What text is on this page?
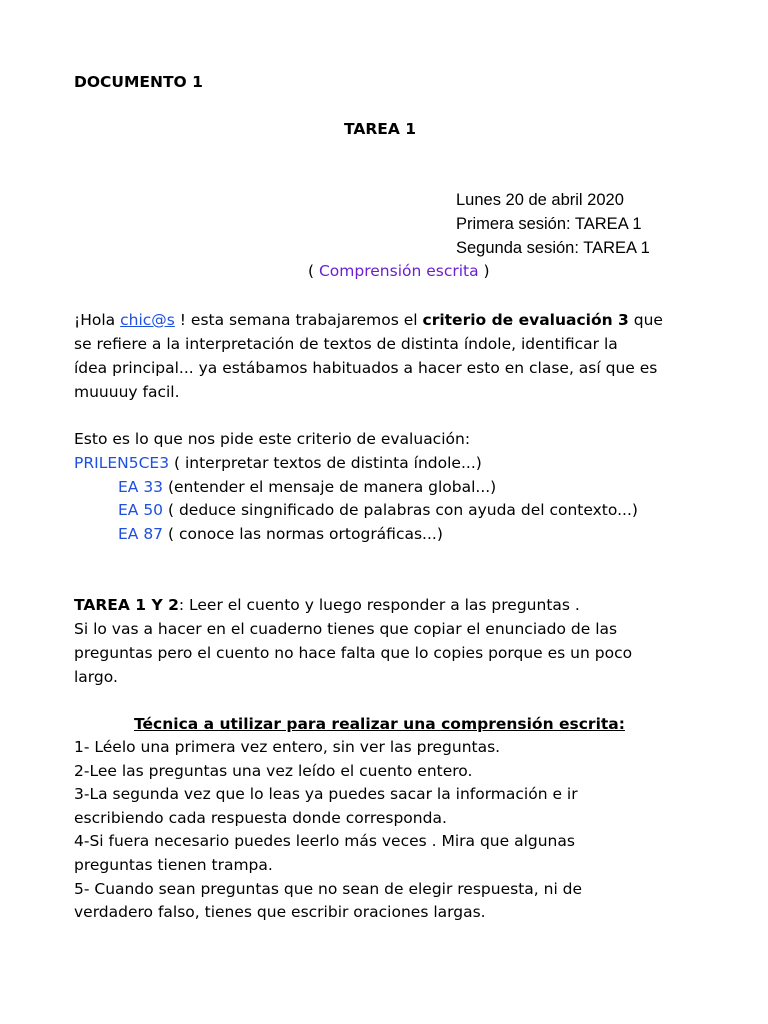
DOCUMENTO 1
TAREA 1
Lunes 20 de abril 2020
Primera sesión: TAREA 1
Segunda sesión: TAREA 1
( Comprensión escrita )
¡Hola chic@s ! esta semana trabajaremos el criterio de evaluación 3 que
se refiere a la interpretación de textos de distinta índole, identificar la
ídea principal... ya estábamos habituados a hacer esto en clase, así que es
muuuuy facil.
Esto es lo que nos pide este criterio de evaluación:
PRILEN5CE3 ( interpretar textos de distinta índole...)
EA 33 (entender el mensaje de manera global...)
EA 50 ( deduce singnificado de palabras con ayuda del contexto...)
EA 87 ( conoce las normas ortográficas...)
TAREA 1 Y 2: Leer el cuento y luego responder a las preguntas .
Si lo vas a hacer en el cuaderno tienes que copiar el enunciado de las
preguntas pero el cuento no hace falta que lo copies porque es un poco
largo.
Técnica a utilizar para realizar una comprensión escrita:
1- Léelo una primera vez entero, sin ver las preguntas.
2-Lee las preguntas una vez leído el cuento entero.
3-La segunda vez que lo leas ya puedes sacar la información e ir
escribiendo cada respuesta donde corresponda.
4-Si fuera necesario puedes leerlo más veces . Mira que algunas
preguntas tienen trampa.
5- Cuando sean preguntas que no sean de elegir respuesta, ni de
verdadero falso, tienes que escribir oraciones largas.
